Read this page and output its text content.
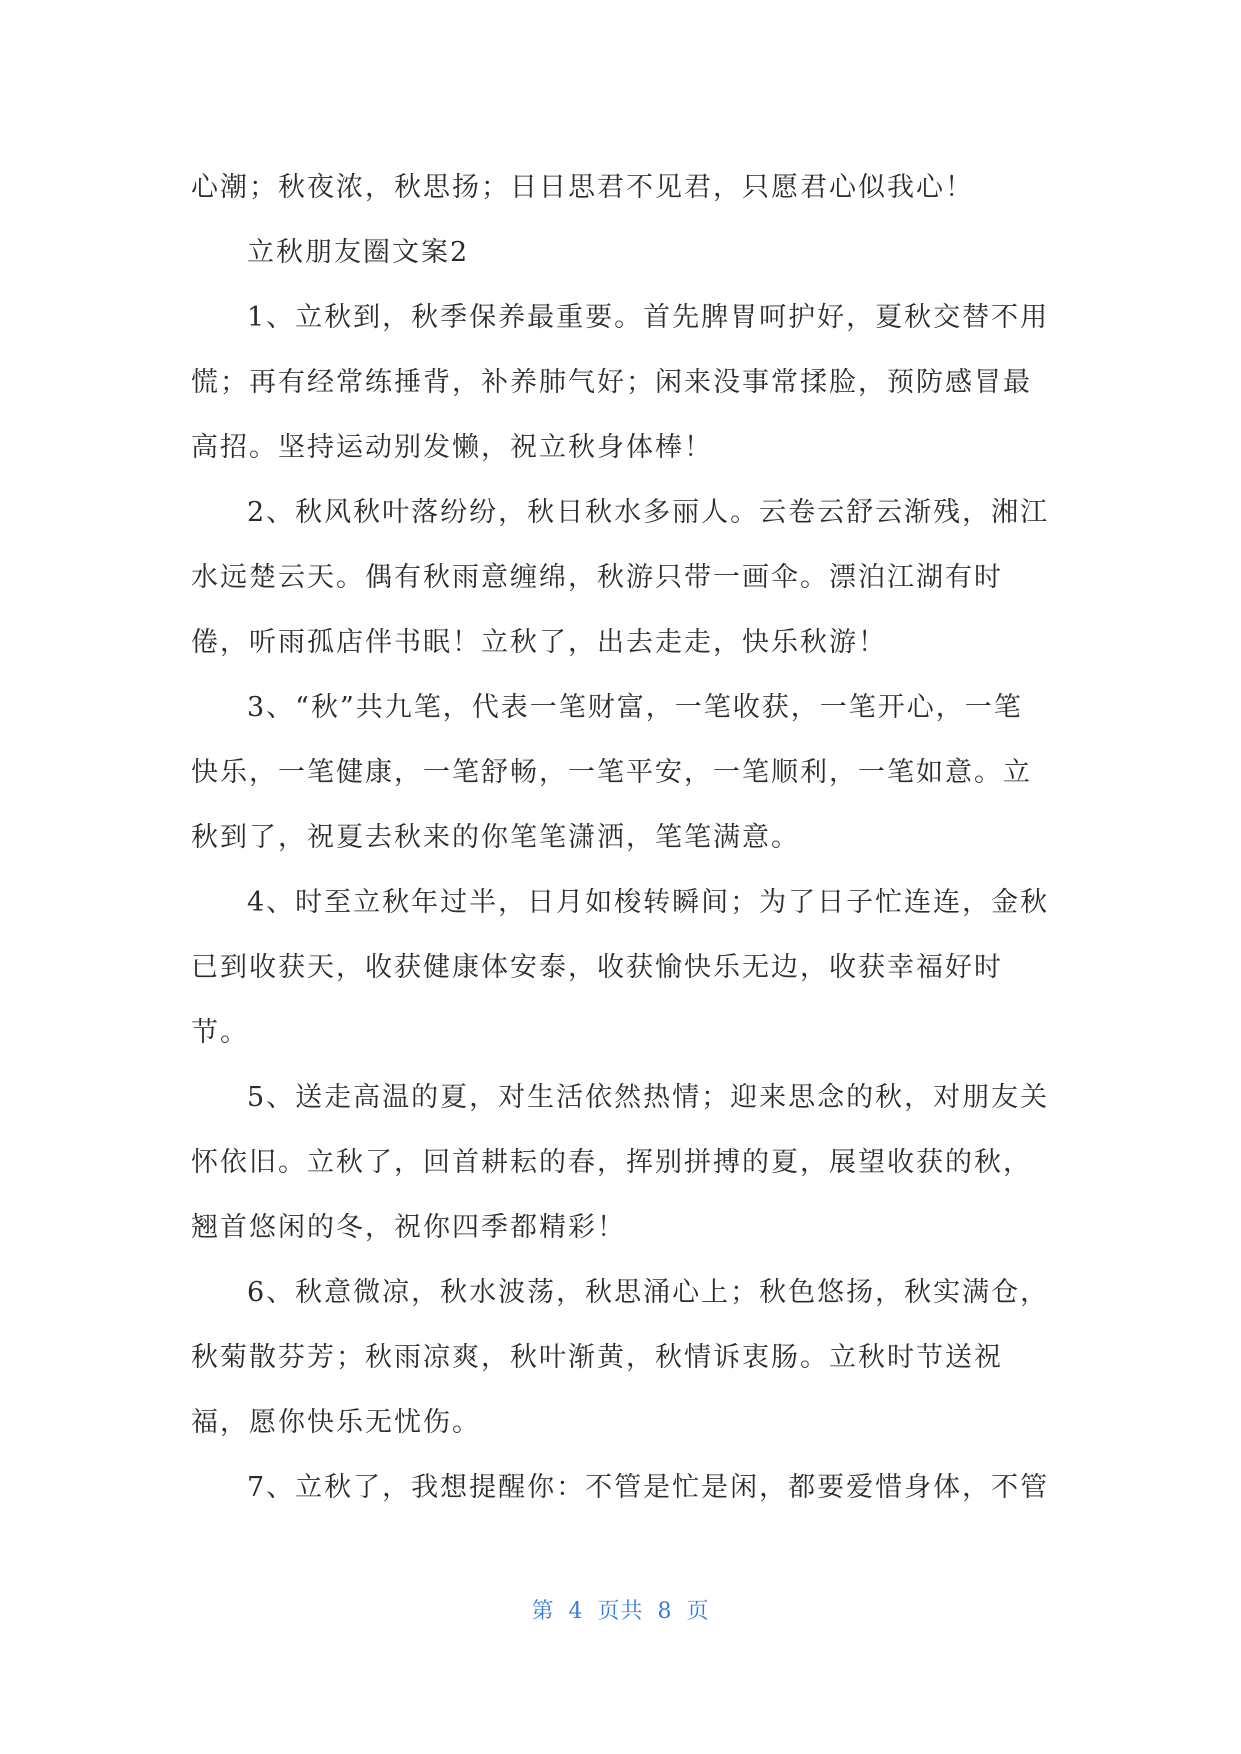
心潮；秋夜浓，秋思扬；日日思君不见君，只愿君心似我心！
立秋朋友圈文案2
1、立秋到，秋季保养最重要。首先脾胃呵护好，夏秋交替不用
慌；再有经常练捶背，补养肺气好；闲来没事常揉脸，预防感冒最
高招。坚持运动别发懒，祝立秋身体棒！
2、秋风秋叶落纷纷，秋日秋水多丽人。云卷云舒云渐残，湘江
水远楚云天。偶有秋雨意缠绵，秋游只带一画伞。漂泊江湖有时
倦，听雨孤店伴书眠！立秋了，出去走走，快乐秋游！
3、“秋”共九笔，代表一笔财富，一笔收获，一笔开心，一笔
快乐，一笔健康，一笔舒畅，一笔平安，一笔顺利，一笔如意。立
秋到了，祝夏去秋来的你笔笔潇洒，笔笔满意。
4、时至立秋年过半，日月如梭转瞬间；为了日子忙连连，金秋
已到收获天，收获健康体安泰，收获愉快乐无边，收获幸福好时
节。
5、送走高温的夏，对生活依然热情；迎来思念的秋，对朋友关
怀依旧。立秋了，回首耕耘的春，挥别拼搏的夏，展望收获的秋，
翘首悠闲的冬，祝你四季都精彩！
6、秋意微凉，秋水波荡，秋思涌心上；秋色悠扬，秋实满仓，
秋菊散芬芳；秋雨凉爽，秋叶渐黄，秋情诉衷肠。立秋时节送祝
福，愿你快乐无忧伤。
7、立秋了，我想提醒你：不管是忙是闲，都要爱惜身体，不管
第 4 页共 8 页
